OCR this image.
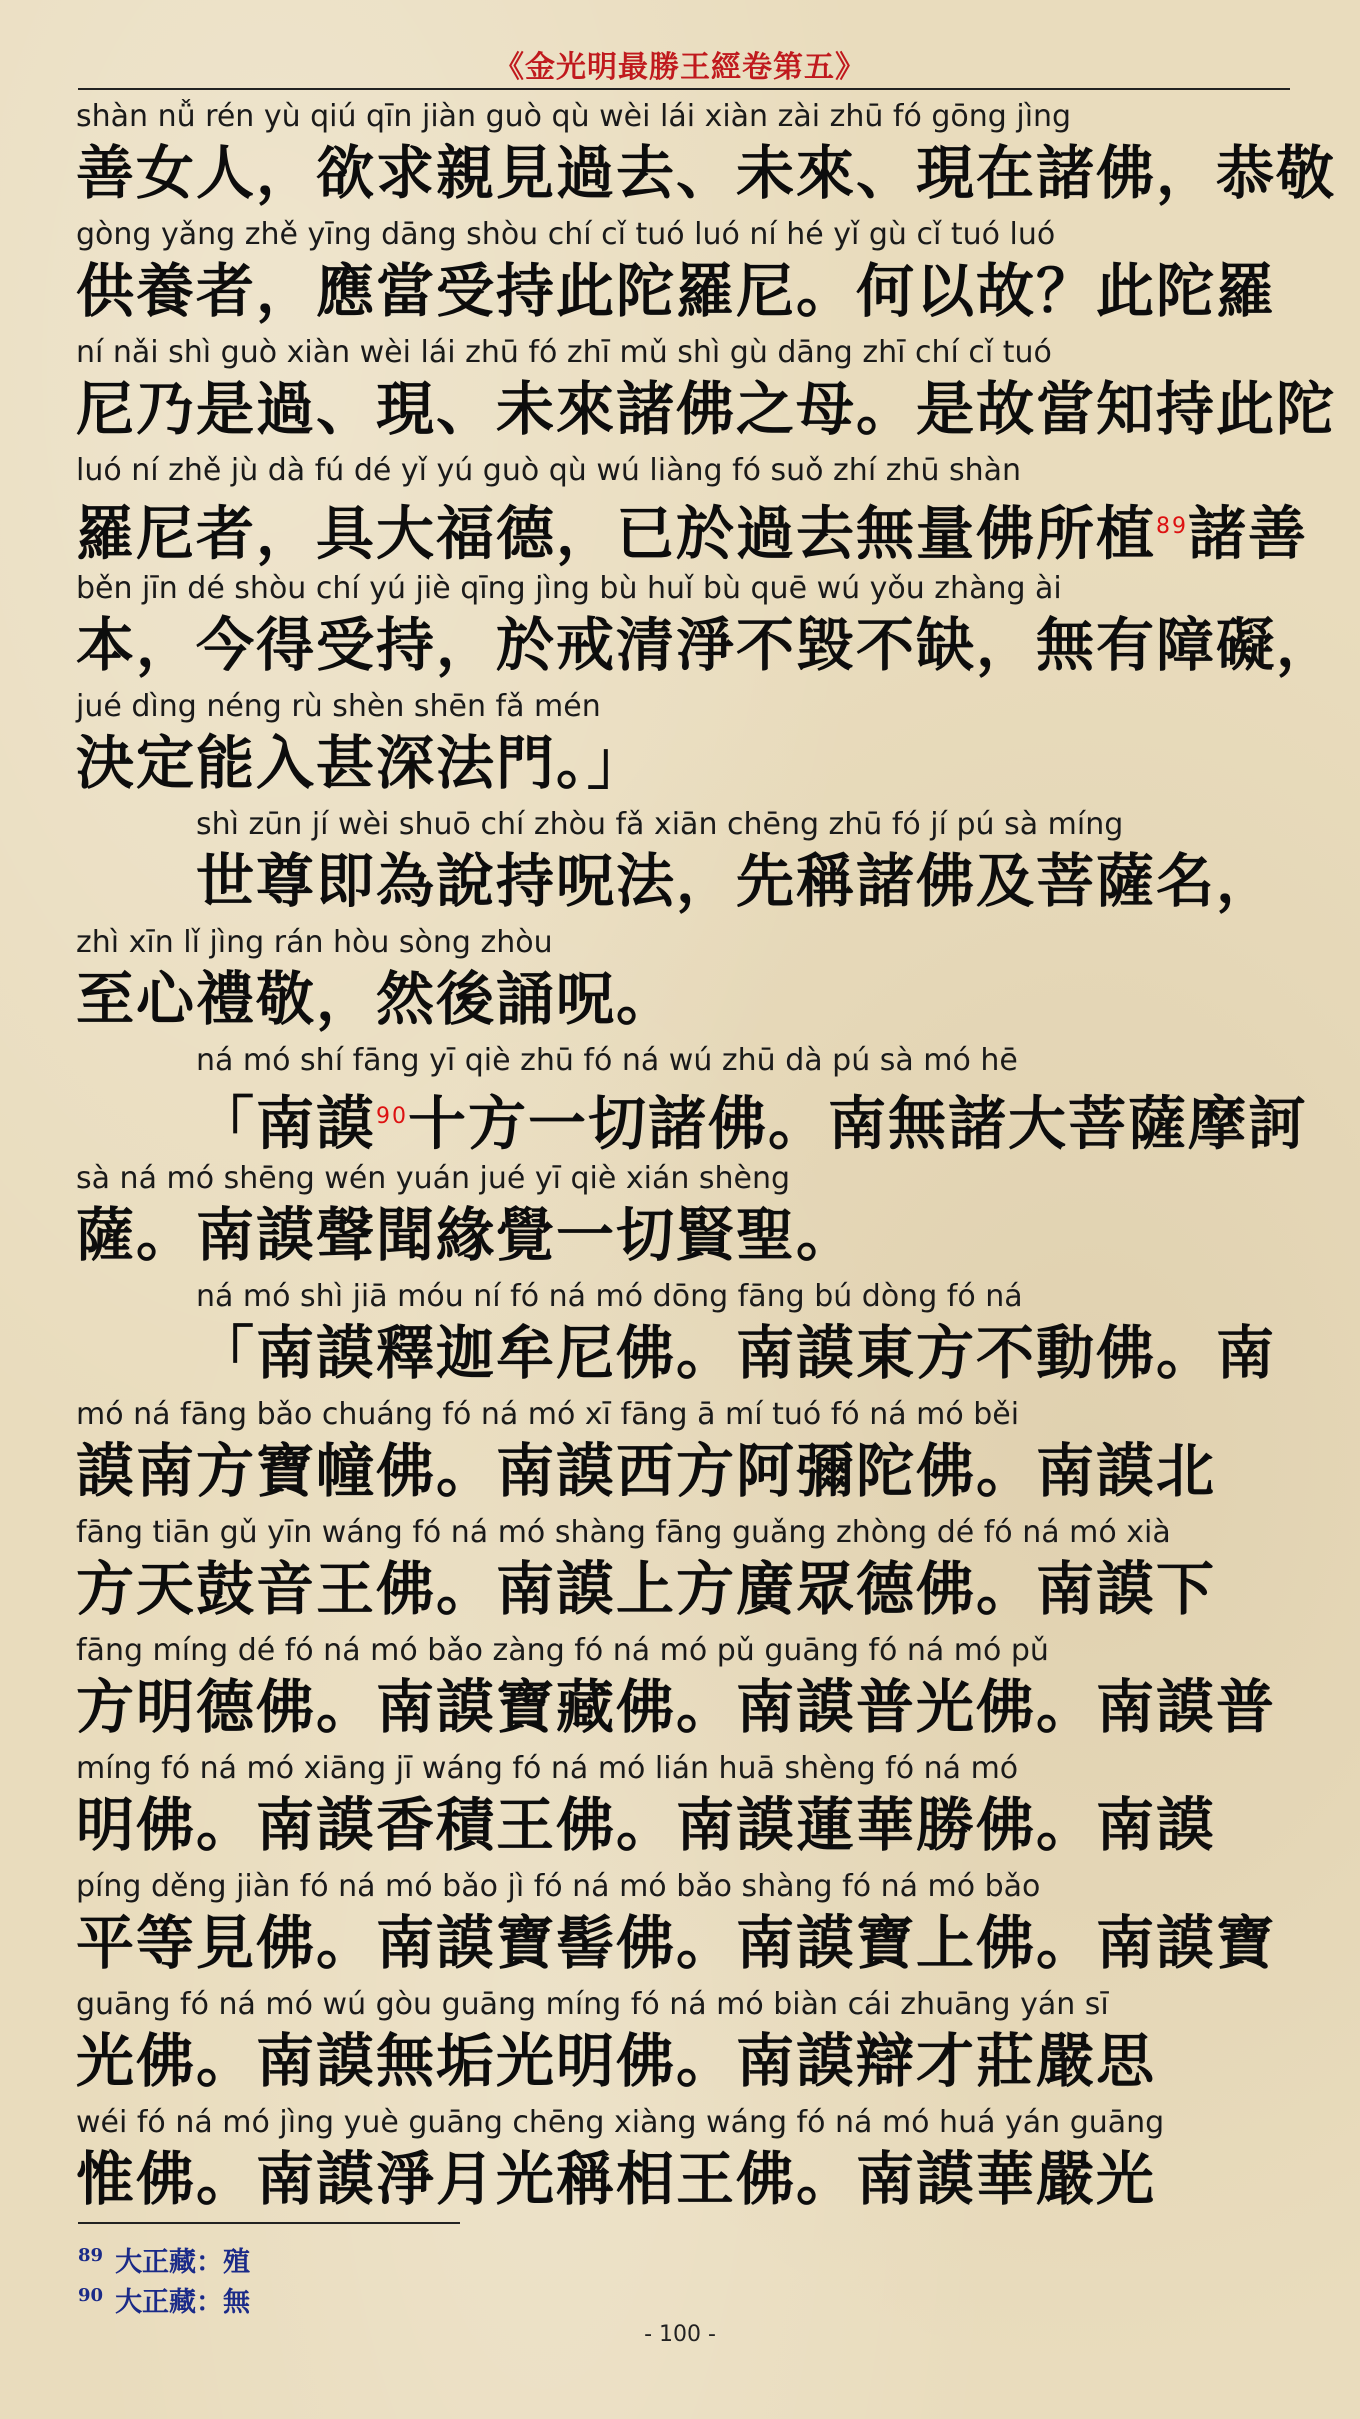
《金光明最勝王經卷第五》
shàn nǚ rén yù qiú qīn jiàn guò qù wèi lái xiàn zài zhū fó gōng jìng
善女人，欲求親見過去、未來、現在諸佛，恭敬
gòng yǎng zhě yīng dāng shòu chí cǐ tuó luó ní hé yǐ gù cǐ tuó luó
供養者，應當受持此陀羅尼。何以故？此陀羅
ní nǎi shì guò xiàn wèi lái zhū fó zhī mǔ shì gù dāng zhī chí cǐ tuó
尼乃是過、現、未來諸佛之母。是故當知持此陀
luó ní zhě jù dà fú dé yǐ yú guò qù wú liàng fó suǒ zhí zhū shàn
羅尼者，具大福德，已於過去無量佛所植$^{89}$諸善
běn jīn dé shòu chí yú jiè qīng jìng bù huǐ bù quē wú yǒu zhàng ài
本，今得受持，於戒清淨不毀不缺，無有障礙，
jué dìng néng rù shèn shēn fǎ mén
決定能入甚深法門。」
shì zūn jí wèi shuō chí zhòu fǎ xiān chēng zhū fó jí pú sà míng
世尊即為說持呪法，先稱諸佛及菩薩名，
zhì xīn lǐ jìng rán hòu sòng zhòu
至心禮敬，然後誦呪。
ná mó shí fāng yī qiè zhū fó ná wú zhū dà pú sà mó hē
「南謨$^{90}$十方一切諸佛。南無諸大菩薩摩訶
sà ná mó shēng wén yuán jué yī qiè xián shèng
薩。南謨聲聞緣覺一切賢聖。
ná mó shì jiā móu ní fó ná mó dōng fāng bú dòng fó ná
「南謨釋迦牟尼佛。南謨東方不動佛。南
mó ná fāng bǎo chuáng fó ná mó xī fāng ā mí tuó fó ná mó běi
謨南方寶幢佛。南謨西方阿彌陀佛。南謨北
fāng tiān gǔ yīn wáng fó ná mó shàng fāng guǎng zhòng dé fó ná mó xià
方天鼓音王佛。南謨上方廣眾德佛。南謨下
fāng míng dé fó ná mó bǎo zàng fó ná mó pǔ guāng fó ná mó pǔ
方明德佛。南謨寶藏佛。南謨普光佛。南謨普
míng fó ná mó xiāng jī wáng fó ná mó lián huā shèng fó ná mó
明佛。南謨香積王佛。南謨蓮華勝佛。南謨
píng děng jiàn fó ná mó bǎo jì fó ná mó bǎo shàng fó ná mó bǎo
平等見佛。南謨寶髻佛。南謨寶上佛。南謨寶
guāng fó ná mó wú gòu guāng míng fó ná mó biàn cái zhuāng yán sī
光佛。南謨無垢光明佛。南謨辯才莊嚴思
wéi fó ná mó jìng yuè guāng chēng xiàng wáng fó ná mó huá yán guāng
惟佛。南謨淨月光稱相王佛。南謨華嚴光
$^{89}$ 大正藏：殖
$^{90}$ 大正藏：無
- 100 -
